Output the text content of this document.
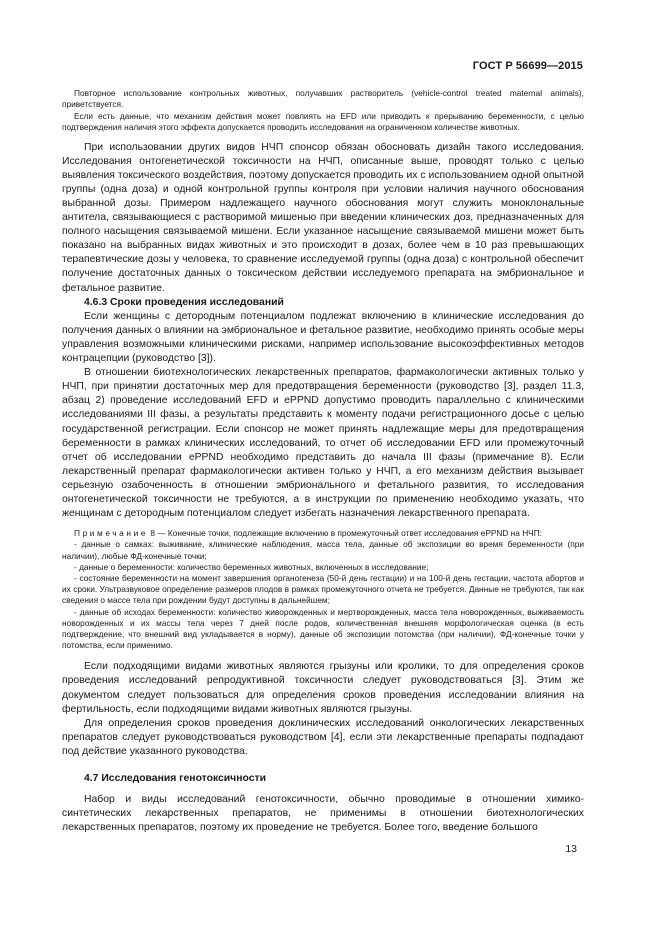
ГОСТ Р 56699—2015

Повторное использование контрольных животных, получавших растворитель (vehicle-control treated maternal animals), приветствуется.

Если есть данные, что механизм действия может повлиять на EFD или приводить к прерыванию беременности, с целью подтверждения наличия этого эффекта допускается проводить исследования на ограниченном количестве животных.

При использовании других видов НЧП спонсор обязан обосновать дизайн такого исследования. Исследования онтогенетической токсичности на НЧП, описанные выше, проводят только с целью выявления токсического воздействия, поэтому допускается проводить их с использованием одной опытной группы (одна доза) и одной контрольной группы контроля при условии наличия научного обоснования выбранной дозы. Примером надлежащего научного обоснования могут служить моноклональные антитела, связывающиеся с растворимой мишенью при введении клинических доз, предназначенных для полного насыщения связываемой мишени. Если указанное насыщение связываемой мишени может быть показано на выбранных видах животных и это происходит в дозах, более чем в 10 раз превышающих терапевтические дозы у человека, то сравнение исследуемой группы (одна доза) с контрольной обеспечит получение достаточных данных о токсическом действии исследуемого препарата на эмбриональное и фетальное развитие.

4.6.3 Сроки проведения исследований

Если женщины с детородным потенциалом подлежат включению в клинические исследования до получения данных о влиянии на эмбриональное и фетальное развитие, необходимо принять особые меры управления возможными клиническими рисками, например использование высокоэффективных методов контрацепции (руководство [3]).

В отношении биотехнологических лекарственных препаратов, фармакологически активных только у НЧП, при принятии достаточных мер для предотвращения беременности (руководство [3], раздел 11.3, абзац 2) проведение исследований EFD и ePPND допустимо проводить параллельно с клиническими исследованиями III фазы, а результаты представить к моменту подачи регистрационного досье с целью государственной регистрации. Если спонсор не может принять надлежащие меры для предотвращения беременности в рамках клинических исследований, то отчет об исследовании EFD или промежуточный отчет об исследовании ePPND необходимо представить до начала III фазы (примечание 8). Если лекарственный препарат фармакологически активен только у НЧП, а его механизм действия вызывает серьезную озабоченность в отношении эмбрионального и фетального развития, то исследования онтогенетической токсичности не требуются, а в инструкции по применению необходимо указать, что женщинам с детородным потенциалом следует избегать назначения лекарственного препарата.

Примечание 8 — Конечные точки, подлежащие включению в промежуточный ответ исследования ePPND на НЧП:

- данные о самках: выживание, клинические наблюдения, масса тела, данные об экспозиции во время беременности (при наличии), любые ФД-конечные точки;

- данные о беременности: количество беременных животных, включенных в исследование;

- состояние беременности на момент завершения органогенеза (50-й день гестации) и на 100-й день гестации, частота абортов и их сроки. Ультразвуковое определение размеров плодов в рамках промежуточного отчета не требуется. Данные не требуются, так как сведения о массе тела при рождении будут доступны в дальнейшем;

- данные об исходах беременности: количество живорожденных и мертворожденных, масса тела новорожденных, выживаемость новорожденных и их массы тела через 7 дней после родов, количественная внешняя морфологическая оценка (в есть подтверждение, что внешний вид укладывается в норму), данные об экспозиции потомства (при наличии), ФД-конечные точки у потомства, если применимо.

Если подходящими видами животных являются грызуны или кролики, то для определения сроков проведения исследований репродуктивной токсичности следует руководствоваться [3]. Этим же документом следует пользоваться для определения сроков проведения исследовании влияния на фертильность, если подходящими видами животных являются грызуны.

Для определения сроков проведения доклинических исследований онкологических лекарственных препаратов следует руководствоваться руководством [4], если эти лекарственные препараты подпадают под действие указанного руководства.

4.7 Исследования генотоксичности

Набор и виды исследований генотоксичности, обычно проводимые в отношении химико-синтетических лекарственных препаратов, не применимы в отношении биотехнологических лекарственных препаратов, поэтому их проведение не требуется. Более того, введение большого

13
